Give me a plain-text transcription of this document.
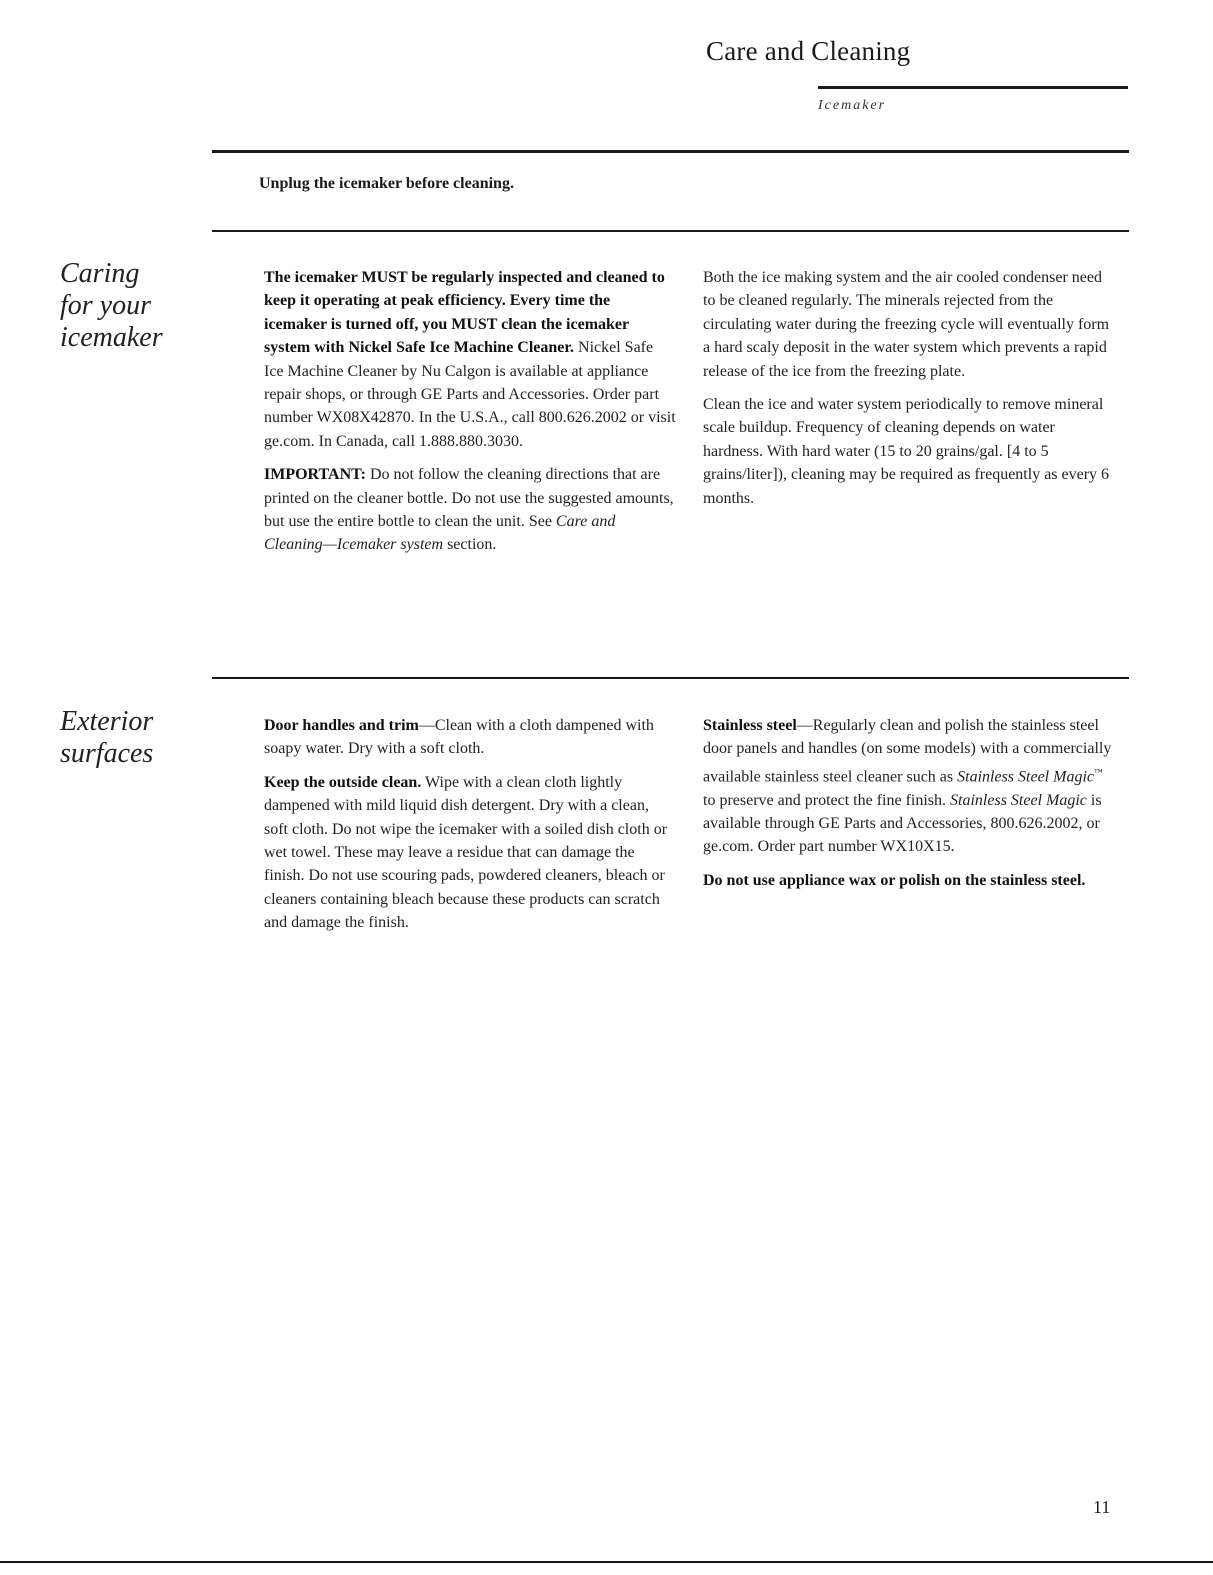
Care and Cleaning
Icemaker
Unplug the icemaker before cleaning.
Caring
for your
icemaker

The icemaker MUST be regularly inspected and cleaned to keep it operating at peak efficiency. Every time the icemaker is turned off, you MUST clean the icemaker system with Nickel Safe Ice Machine Cleaner. Nickel Safe Ice Machine Cleaner by Nu Calgon is available at appliance repair shops, or through GE Parts and Accessories. Order part number WX08X42870. In the U.S.A., call 800.626.2002 or visit ge.com. In Canada, call 1.888.880.3030.

IMPORTANT: Do not follow the cleaning directions that are printed on the cleaner bottle. Do not use the suggested amounts, but use the entire bottle to clean the unit. See Care and Cleaning—Icemaker system section.

Both the ice making system and the air cooled condenser need to be cleaned regularly. The minerals rejected from the circulating water during the freezing cycle will eventually form a hard scaly deposit in the water system which prevents a rapid release of the ice from the freezing plate.

Clean the ice and water system periodically to remove mineral scale buildup. Frequency of cleaning depends on water hardness. With hard water (15 to 20 grains/gal. [4 to 5 grains/liter]), cleaning may be required as frequently as every 6 months.

Exterior
surfaces

Door handles and trim—Clean with a cloth dampened with soapy water. Dry with a soft cloth.

Keep the outside clean. Wipe with a clean cloth lightly dampened with mild liquid dish detergent. Dry with a clean, soft cloth. Do not wipe the icemaker with a soiled dish cloth or wet towel. These may leave a residue that can damage the finish. Do not use scouring pads, powdered cleaners, bleach or cleaners containing bleach because these products can scratch and damage the finish.

Stainless steel—Regularly clean and polish the stainless steel door panels and handles (on some models) with a commercially available stainless steel cleaner such as Stainless Steel Magic™ to preserve and protect the fine finish. Stainless Steel Magic is available through GE Parts and Accessories, 800.626.2002, or ge.com. Order part number WX10X15.

Do not use appliance wax or polish on the stainless steel.

11
